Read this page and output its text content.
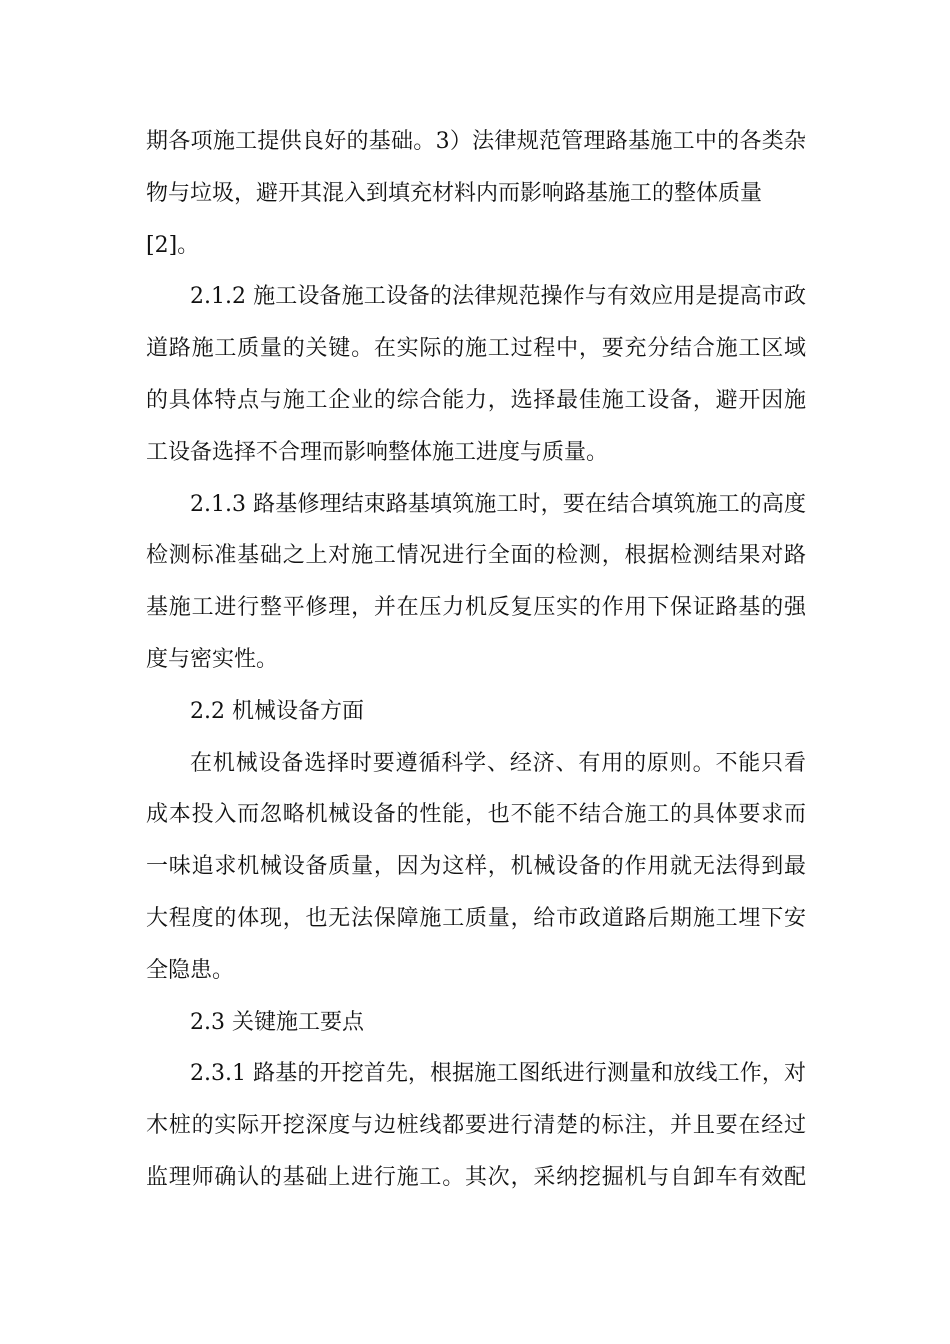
期各项施工提供良好的基础。3）法律规范管理路基施工中的各类杂
物与垃圾，避开其混入到填充材料内而影响路基施工的整体质量
[2]。
2.1.2 施工设备施工设备的法律规范操作与有效应用是提高市政
道路施工质量的关键。在实际的施工过程中，要充分结合施工区域
的具体特点与施工企业的综合能力，选择最佳施工设备，避开因施
工设备选择不合理而影响整体施工进度与质量。
2.1.3 路基修理结束路基填筑施工时，要在结合填筑施工的高度
检测标准基础之上对施工情况进行全面的检测，根据检测结果对路
基施工进行整平修理，并在压力机反复压实的作用下保证路基的强
度与密实性。
2.2 机械设备方面
在机械设备选择时要遵循科学、经济、有用的原则。不能只看
成本投入而忽略机械设备的性能，也不能不结合施工的具体要求而
一味追求机械设备质量，因为这样，机械设备的作用就无法得到最
大程度的体现，也无法保障施工质量，给市政道路后期施工埋下安
全隐患。
2.3 关键施工要点
2.3.1 路基的开挖首先，根据施工图纸进行测量和放线工作，对
木桩的实际开挖深度与边桩线都要进行清楚的标注，并且要在经过
监理师确认的基础上进行施工。其次，采纳挖掘机与自卸车有效配
